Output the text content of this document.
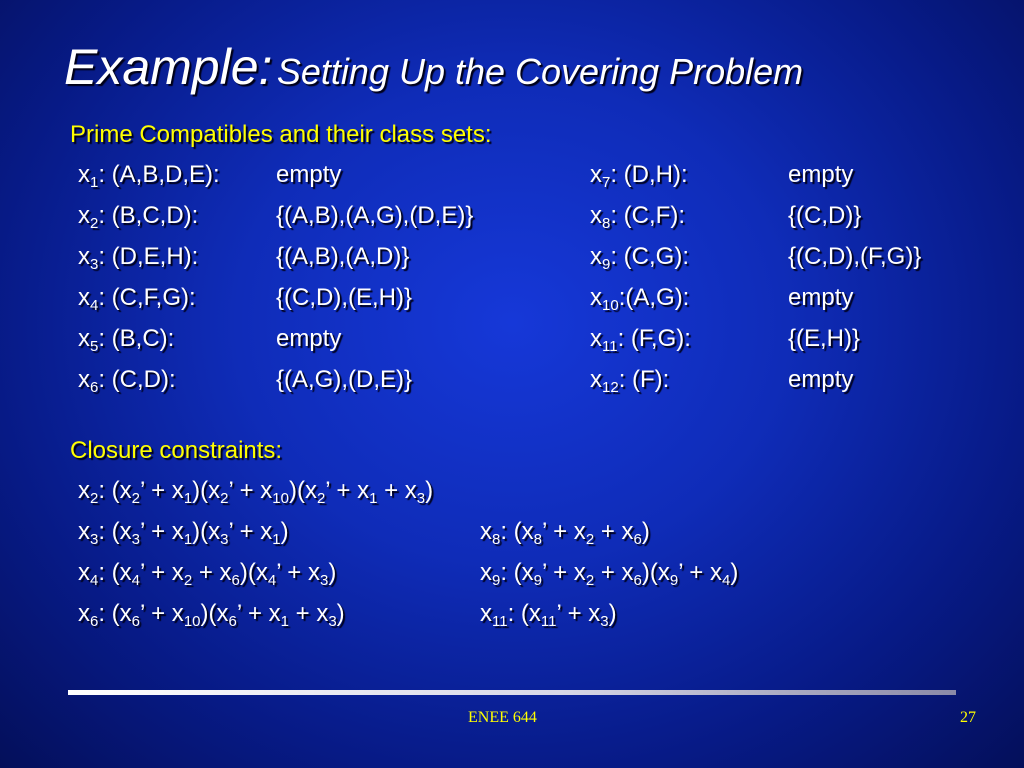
Example: Setting Up the Covering Problem
Prime Compatibles and their class sets:
$x_1$: (A,B,D,E): empty
$x_2$: (B,C,D):	{(A,B),(A,G),(D,E)}
$x_3$: (D,E,H):	{(A,B),(A,D)}
$x_4$: (C,F,G):	{(C,D),(E,H)}
$x_5$: (B,C):	empty
$x_6$: (C,D):	{(A,G),(D,E)}
$x_7$: (D,H):	empty
$x_8$: (C,F):	{(C,D)}
$x_9$: (C,G):	{(C,D),(F,G)}
$x_{10}:(A,G)$:	empty
$x_{11}$: (F,G):	{(E,H)}
$x_{12}$: (F):	empty
Closure constraints:
$x_2$: ($x_2$’ + $x_1)(x_2$’ + $x_{10})(x_2$’ + $x_1 + x_3$)
$x_3$: ($x_3$’ + $x_1)(x_3$’ + $x_1$)
$x_4$: ($x_4$’ + $x_2 + x_6)(x_4$’ + $x_3$)
$x_6$: ($x_6$’ + $x_{10})(x_6$’ + $x_1 + x_3$)
$x_8$: ($x_8$’ + $x_2 + x_6$)
$x_9$: ($x_9$’ + $x_2 + x_6)(x_9$’ + $x_4$)
$x_{11}$: ($x_{11}$’ + $x_3$)
ENEE 644	27
